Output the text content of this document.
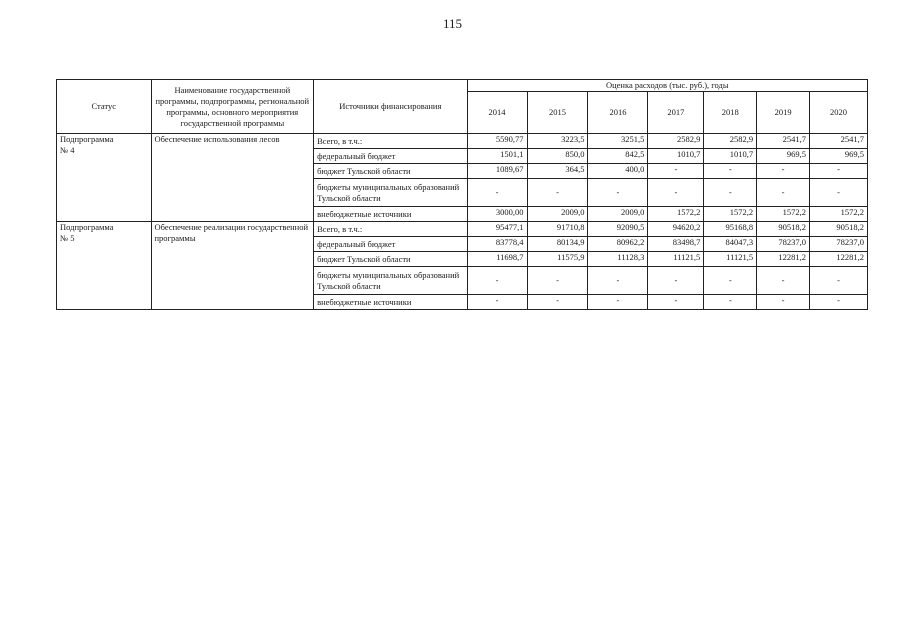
115
Статус	Наименование государственной программы, подпрограммы, региональной программы, основного мероприятия государственной программы	Источники финансирования	Оценка расходов (тыс. руб.), годы						
			2014	2015	2016	2017	2018	2019	2020
Подпрограмма
№ 4	Обеспечение использования лесов	Всего, в т.ч.:	5590,77	3223,5	3251,5	2582,9	2582,9	2541,7	2541,7
		федеральный бюджет	1501,1	850,0	842,5	1010,7	1010,7	969,5	969,5
		бюджет Тульской области	1089,67	364,5	400,0	-	-	-	-
		бюджеты муниципальных образований Тульской области	-	-	-	-	-	-	-
		внебюджетные источники	3000,00	2009,0	2009,0	1572,2	1572,2	1572,2	1572,2
Подпрограмма
№ 5	Обеспечение реализации государственной программы	Всего, в т.ч.:	95477,1	91710,8	92090,5	94620,2	95168,8	90518,2	90518,2
		федеральный бюджет	83778,4	80134,9	80962,2	83498,7	84047,3	78237,0	78237,0
		бюджет Тульской области	11698,7	11575,9	11128,3	11121,5	11121,5	12281,2	12281,2
		бюджеты муниципальных образований Тульской области	-	-	-	-	-	-	-
		внебюджетные источники	-	-	-	-	-	-	-
